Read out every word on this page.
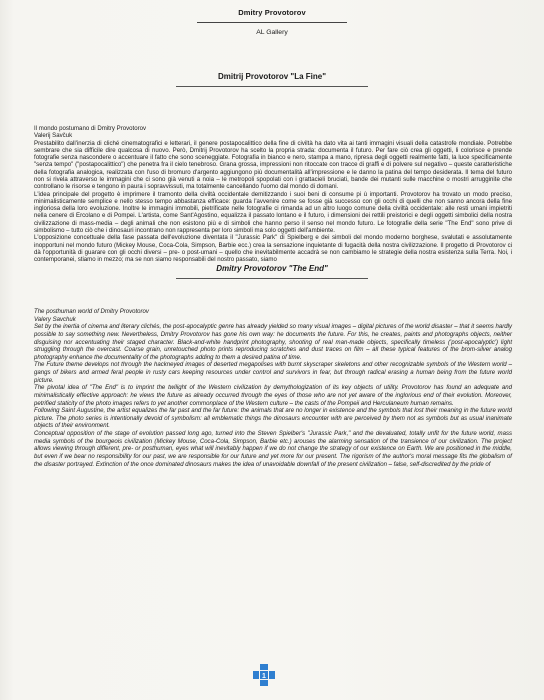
Dmitry Provotorov
AL Gallery
Dmitrij Provotorov "La Fine"

Il mondo postumano di Dmitry Provotorov

Valerij Savčuk

Prestabilito dall'inerzia di cliché cinematografici e letterari, il genere postapocalittico della fine di civiltà ha dato vita ai tanti immagini visuali della catastrofe mondiale. Potrebbe sembrare che sia difficile dire qualcosa di nuovo. Però, Dmitrij Provotorov ha scelto la propria strada: documenta il futuro. Per fare ciò crea gli oggetti, li colorisce e prende fotografie senza nascondere o accentuare il fatto che sono sceneggiate. Fotografia in bianco e nero, stampa a mano, ripresa degli oggetti realmente fatti, la luce specificamente "senza tempo" ("postapocalittico") che penetra fra il cielo tenebroso. Grana grossa, impressioni non ritoccate con tracce di graffi e di polvere sul negativo – queste caratteristiche della fotografia analogica, realizzata con l'uso di bromuro d'argento aggiungono più documentalità all'impressione e le danno la patina del tempo desiderata. Il tema del futuro non si rivela attraverso le immagini che ci sono già venuti a noia – le metropoli spopolati con i grattacieli bruciati, bande dei mutanti sulle macchine o mostri arrugginite che controllano le risorse e tengono in paura i sopravvissuti, ma totalmente cancellando l'uomo dal mondo di domani.

L'idea principale del progetto è imprimere il tramonto della civiltà occidentale demitizzando i suoi beni di consume pi ù importanti. Provotorov ha trovato un modo preciso, minimalisticamente semplice e nello stesso tempo abbastanza efficace: guarda l'avvenire come se fosse già successo con gli occhi di quelli che non sanno ancora della fine ingloriosa della loro evoluzione. Inoltre le immagini immobili, pietrificate nelle fotografie ci rimanda ad un altro luogo comune della civiltà occidentale: alle resti umani impietriti nella cenere di Ercolano e di Pompei. L'artista, come Sant'Agostino, equalizza il passato lontano e il futuro, i dimensioni dei rettili preistorici e degli oggetti simbolici della nostra civilizzazione di mass-media – degli animali che non esistono più e di simboli che hanno perso il senso nel mondo futuro. Le fotografie della serie "The End" sono prive di simbolismo – tutto ciò che i dinosauri incontrano non rappresenta per loro simboli ma solo oggetti dell'ambiente.

L'opposizione concettuale della fase passata dell'evoluzione diventata il "Jurassic Park" di Spielberg e dei simboli del mondo moderno borghese, svalutati e assolutamente inopportuni nel mondo futuro (Mickey Mouse, Coca-Cola, Simpson, Barbie ecc.) crea la sensazione inquietante di fugacità della nostra civilizzazione. Il progetto di Provotorov ci dà l'opportunità di guarare con gli occhi diversi – pre- o post-umani – quello che inevitabilmente accadrà se non cambiamo le strategie della nostra esistenza sulla Terra. Noi, i contemporanei, stiamo in mezzo; ma se non siamo responsabili del nostro passato, siamo

Dmitry Provotorov "The End"

The posthuman world of Dmitry Provotorov

Valery Savchuk

Set by the inertia of cinema and literary clichés, the post-apocalyptic genre has already yielded so many visual images – digital pictures of the world disaster – that it seems hardly possible to say something new. Nevertheless, Dmitry Provotorov has gone his own way: he documents the future. For this, he creates, paints and photographs objects, neither disguising nor accentuating their staged character. Black-and-white handprint photography, shooting of real man-made objects, specifically timeless ('post-apocalyptic') light struggling through the overcast. Coarse grain, unretouched photo prints reproducing scratches and dust traces on film – all these typical features of the brom-silver analog photography enhance the documentality of the photographs adding to them a desired patina of time.

The Future theme develops not through the hackneyed images of deserted megapolises with burnt skyscraper skeletons and other recognizable symbols of the Western world – gangs of bikers and armed feral people in rusty cars keeping resources under control and survivors in fear, but through radical erasing a human being from the future world picture.

The pivotal idea of "The End" is to imprint the twilight of the Western civilization by demythologization of its key objects of utility. Provotorov has found an adequate and minimalistically effective approach: he views the future as already occurred through the eyes of those who are not yet aware of the inglorious end of their evolution. Moreover, petrified staticity of the photo images refers to yet another commonplace of the Western culture – the casts of the Pompeii and Herculaneum human remains.

Following Saint Augustine, the artist equalizes the far past and the far future: the animals that are no longer in existence and the symbols that lost their meaning in the future world picture. The photo series is intentionally devoid of symbolism: all emblematic things the dinosaurs encounter with are perceived by them not as symbols but as usual inanimate objects of their environment.

Conceptual opposition of the stage of evolution passed long ago, turned into the Steven Spielber's "Jurassic Park," and the devaluated, totally unfit for the future world, mass media symbols of the bourgeois civilization (Mickey Mouse, Coca-Cola, Simpson, Barbie etc.) arouses the alarming sensation of the transience of our civilization. The project allows viewing through different, pre- or posthuman, eyes what will inevitably happen if we do not change the strategy of our existence on Earth. We are positioned in the middle, but even if we bear no responsibility for our past, we are responsible for our future and yet more for our present. The rigorism of the author's moral message fits the globalism of the disaster portrayed. Extinction of the once dominated dinosaurs makes the idea of unavoidable downfall of the present civilization – false, self-discredited by the pride of

1
